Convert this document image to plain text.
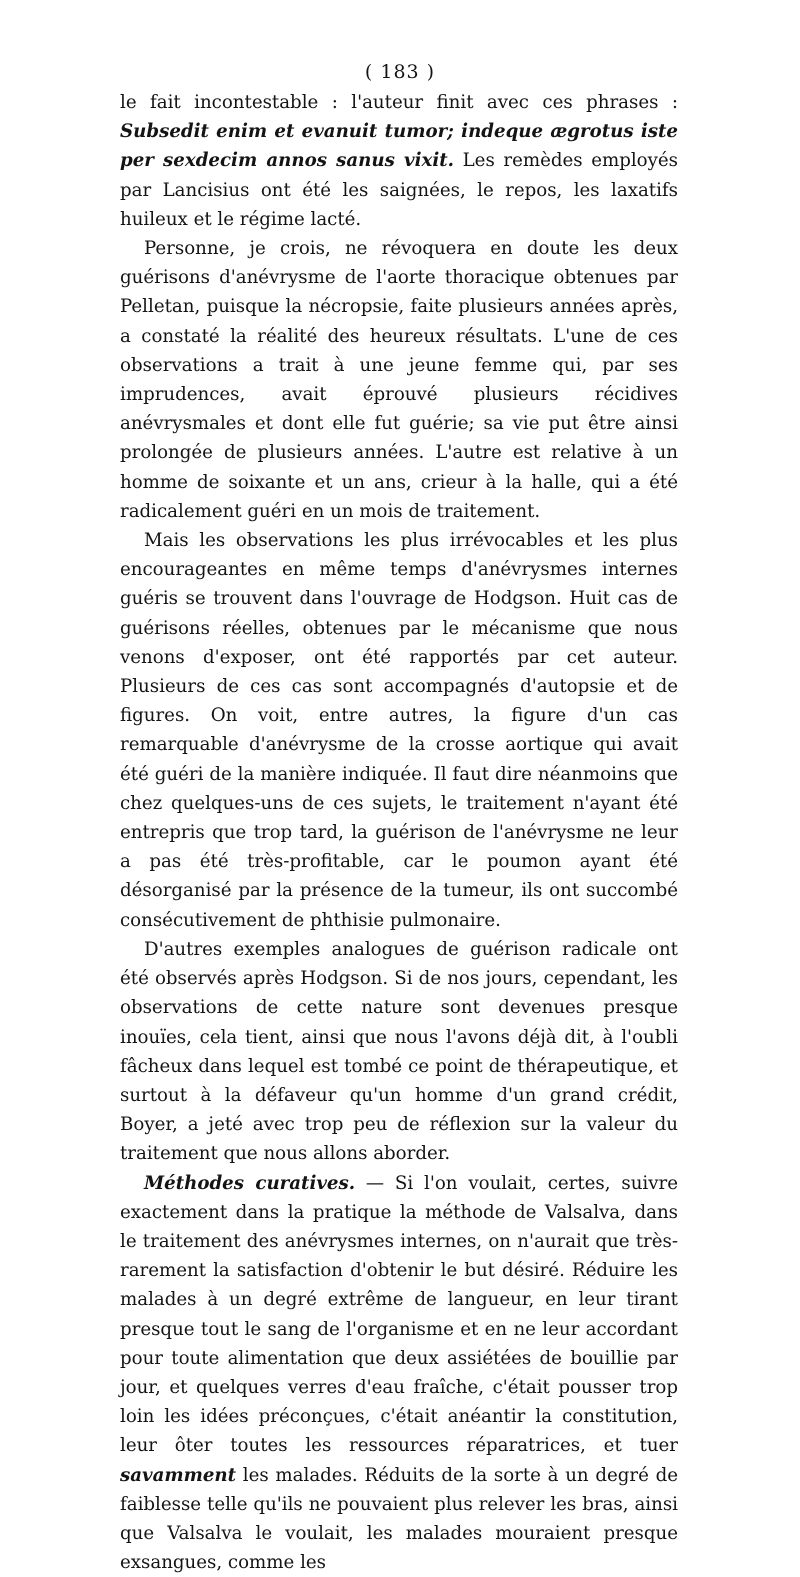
( 183 )

le fait incontestable : l'auteur finit avec ces phrases : Subsedit enim et evanuit tumor; indeque ægrotus iste per sexdecim annos sanus vixit. Les remèdes employés par Lancisius ont été les saignées, le repos, les laxatifs huileux et le régime lacté.

Personne, je crois, ne révoquera en doute les deux guérisons d'anévrysme de l'aorte thoracique obtenues par Pelletan, puisque la nécropsie, faite plusieurs années après, a constaté la réalité des heureux résultats. L'une de ces observations a trait à une jeune femme qui, par ses imprudences, avait éprouvé plusieurs récidives anévrysmales et dont elle fut guérie; sa vie put être ainsi prolongée de plusieurs années. L'autre est relative à un homme de soixante et un ans, crieur à la halle, qui a été radicalement guéri en un mois de traitement.

Mais les observations les plus irrévocables et les plus encourageantes en même temps d'anévrysmes internes guéris se trouvent dans l'ouvrage de Hodgson. Huit cas de guérisons réelles, obtenues par le mécanisme que nous venons d'exposer, ont été rapportés par cet auteur. Plusieurs de ces cas sont accompagnés d'autopsie et de figures. On voit, entre autres, la figure d'un cas remarquable d'anévrysme de la crosse aortique qui avait été guéri de la manière indiquée. Il faut dire néanmoins que chez quelques-uns de ces sujets, le traitement n'ayant été entrepris que trop tard, la guérison de l'anévrysme ne leur a pas été très-profitable, car le poumon ayant été désorganisé par la présence de la tumeur, ils ont succombé consécutivement de phthisie pulmonaire.

D'autres exemples analogues de guérison radicale ont été observés après Hodgson. Si de nos jours, cependant, les observations de cette nature sont devenues presque inouïes, cela tient, ainsi que nous l'avons déjà dit, à l'oubli fâcheux dans lequel est tombé ce point de thérapeutique, et surtout à la défaveur qu'un homme d'un grand crédit, Boyer, a jeté avec trop peu de réflexion sur la valeur du traitement que nous allons aborder.

Méthodes curatives. — Si l'on voulait, certes, suivre exactement dans la pratique la méthode de Valsalva, dans le traitement des anévrysmes internes, on n'aurait que très-rarement la satisfaction d'obtenir le but désiré. Réduire les malades à un degré extrême de langueur, en leur tirant presque tout le sang de l'organisme et en ne leur accordant pour toute alimentation que deux assiétées de bouillie par jour, et quelques verres d'eau fraîche, c'était pousser trop loin les idées préconçues, c'était anéantir la constitution, leur ôter toutes les ressources réparatrices, et tuer savamment les malades. Réduits de la sorte à un degré de faiblesse telle qu'ils ne pouvaient plus relever les bras, ainsi que Valsalva le voulait, les malades mouraient presque exsangues, comme les
